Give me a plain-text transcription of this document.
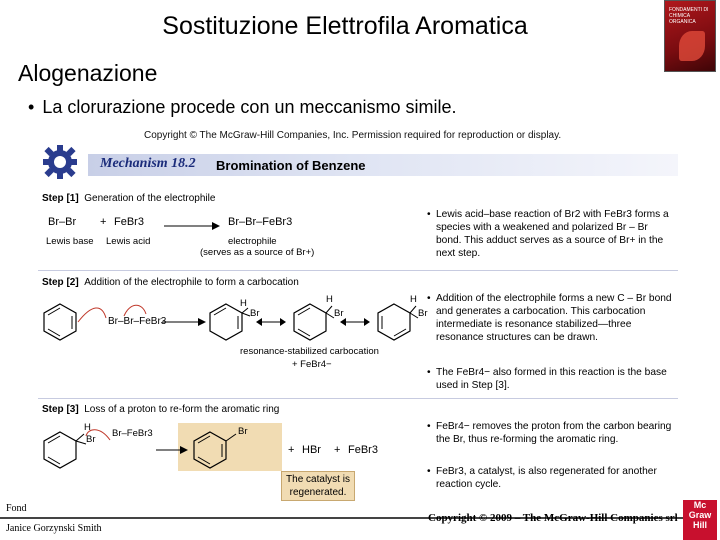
Sostituzione Elettrofila Aromatica
FONDAMENTI DI CHIMICA ORGANICA
Alogenazione
• La clorurazione procede con un meccanismo simile.
Copyright © The McGraw-Hill Companies, Inc. Permission required for reproduction or display.
Mechanism 18.2 Bromination of Benzene
Step [1] Generation of the electrophile
Br–Br + FeBr3	Br–Br–FeBr3
Lewis base Lewis acid	electrophile
(serves as a source of Br+)
• Lewis acid–base reaction of Br2 with FeBr3 forms a species with a weakened and polarized Br – Br bond. This adduct serves as a source of Br+ in the next step.
Step [2] Addition of the electrophile to form a carbocation
Br–Br–FeBr3
H
Br
H
Br
H
Br
resonance-stabilized carbocation
+ FeBr4−
• Addition of the electrophile forms a new C – Br bond and generates a carbocation. This carbocation intermediate is resonance stabilized—three resonance structures can be drawn.
• The FeBr4− also formed in this reaction is the base used in Step [3].
Step [3] Loss of a proton to re-form the aromatic ring
H
Br
Br–FeBr3	Br
+ HBr + FeBr3
The catalyst is regenerated.
• FeBr4− removes the proton from the carbon bearing the Br, thus re-forming the aromatic ring.
• FeBr3, a catalyst, is also regenerated for another reaction cycle.
Fond
Janice Gorzynski Smith
Copyright © 2009 – The McGraw-Hill Companies srl
Mc Graw Hill
